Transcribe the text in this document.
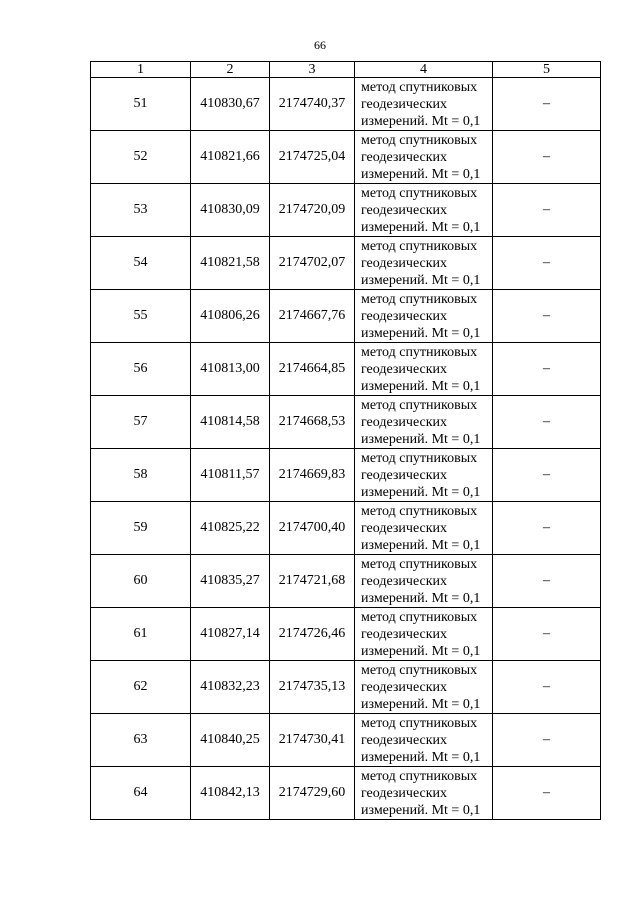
66
1	2	3	4	5
51	410830,67	2174740,37	метод спутниковых
геодезических
измерений. Mt = 0,1	–
52	410821,66	2174725,04	метод спутниковых
геодезических
измерений. Mt = 0,1	–
53	410830,09	2174720,09	метод спутниковых
геодезических
измерений. Mt = 0,1	–
54	410821,58	2174702,07	метод спутниковых
геодезических
измерений. Mt = 0,1	–
55	410806,26	2174667,76	метод спутниковых
геодезических
измерений. Mt = 0,1	–
56	410813,00	2174664,85	метод спутниковых
геодезических
измерений. Mt = 0,1	–
57	410814,58	2174668,53	метод спутниковых
геодезических
измерений. Mt = 0,1	–
58	410811,57	2174669,83	метод спутниковых
геодезических
измерений. Mt = 0,1	–
59	410825,22	2174700,40	метод спутниковых
геодезических
измерений. Mt = 0,1	–
60	410835,27	2174721,68	метод спутниковых
геодезических
измерений. Mt = 0,1	–
61	410827,14	2174726,46	метод спутниковых
геодезических
измерений. Mt = 0,1	–
62	410832,23	2174735,13	метод спутниковых
геодезических
измерений. Mt = 0,1	–
63	410840,25	2174730,41	метод спутниковых
геодезических
измерений. Mt = 0,1	–
64	410842,13	2174729,60	метод спутниковых
геодезических
измерений. Mt = 0,1	–
